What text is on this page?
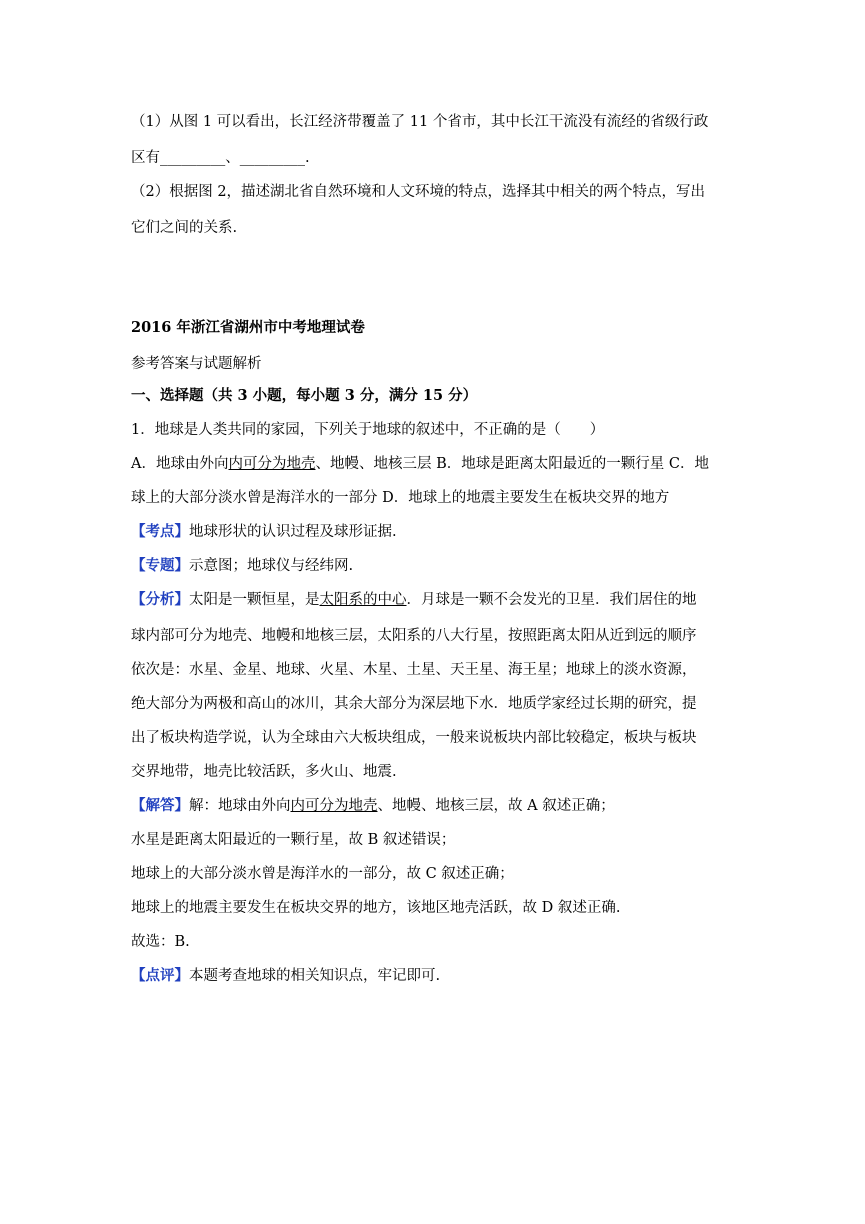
（1）从图 1 可以看出，长江经济带覆盖了 11 个省市，其中长江干流没有流经的省级行政
区有_________、_________.
（2）根据图 2，描述湖北省自然环境和人文环境的特点，选择其中相关的两个特点，写出
它们之间的关系.
2016 年浙江省湖州市中考地理试卷
参考答案与试题解析
一、选择题（共 3 小题，每小题 3 分，满分 15 分）
1．地球是人类共同的家园，下列关于地球的叙述中，不正确的是（　　）
A．地球由外向内可分为地壳、地幔、地核三层 B．地球是距离太阳最近的一颗行星 C．地
球上的大部分淡水曾是海洋水的一部分 D．地球上的地震主要发生在板块交界的地方
【考点】地球形状的认识过程及球形证据.
【专题】示意图；地球仪与经纬网.
【分析】太阳是一颗恒星，是太阳系的中心．月球是一颗不会发光的卫星．我们居住的地
球内部可分为地壳、地幔和地核三层，太阳系的八大行星，按照距离太阳从近到远的顺序
依次是：水星、金星、地球、火星、木星、土星、天王星、海王星；地球上的淡水资源，
绝大部分为两极和高山的冰川，其余大部分为深层地下水．地质学家经过长期的研究，提
出了板块构造学说，认为全球由六大板块组成，一般来说板块内部比较稳定，板块与板块
交界地带，地壳比较活跃，多火山、地震.
【解答】解：地球由外向内可分为地壳、地幔、地核三层，故 A 叙述正确；
水星是距离太阳最近的一颗行星，故 B 叙述错误；
地球上的大部分淡水曾是海洋水的一部分，故 C 叙述正确；
地球上的地震主要发生在板块交界的地方，该地区地壳活跃，故 D 叙述正确.
故选：B.
【点评】本题考查地球的相关知识点，牢记即可.
